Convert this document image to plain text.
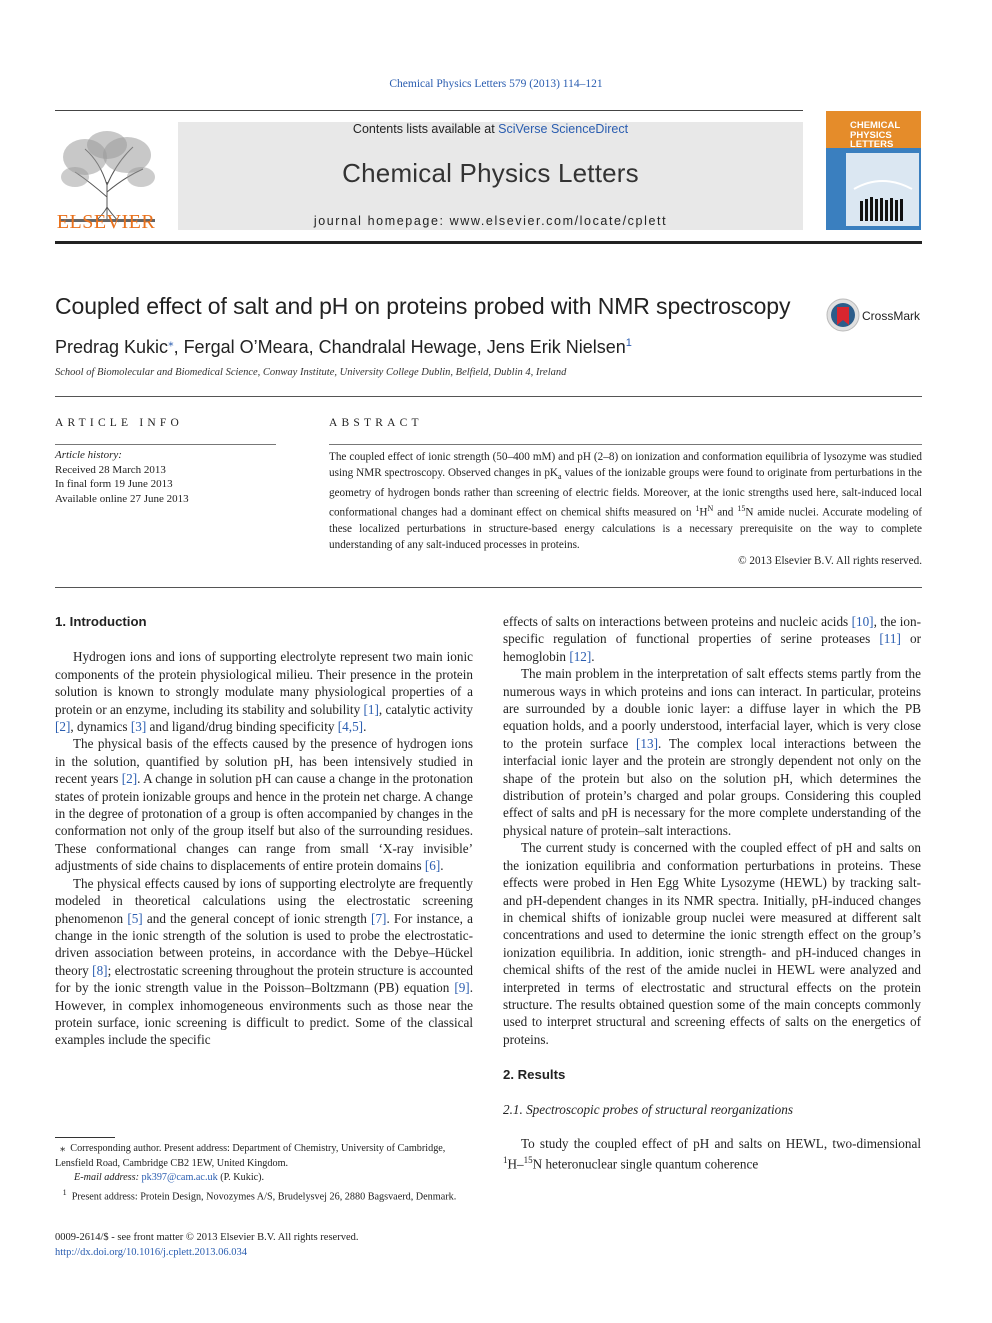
Chemical Physics Letters 579 (2013) 114–121
ELSEVIER
Contents lists available at SciVerse ScienceDirect
Chemical Physics Letters
journal homepage: www.elsevier.com/locate/cplett
CHEMICAL
PHYSICS
LETTERS
Coupled effect of salt and pH on proteins probed with NMR spectroscopy	CrossMark
Predrag Kukic⁎, Fergal O’Meara, Chandralal Hewage, Jens Erik Nielsen$^1$
School of Biomolecular and Biomedical Science, Conway Institute, University College Dublin, Belfield, Dublin 4, Ireland
ARTICLE INFO	ABSTRACT
Article history:
Received 28 March 2013
In final form 19 June 2013
Available online 27 June 2013
The coupled effect of ionic strength (50–400 mM) and pH (2–8) on ionization and conformation equilibria of lysozyme was studied using NMR spectroscopy. Observed changes in $pK_a$ values of the ionizable groups were found to originate from perturbations in the geometry of hydrogen bonds rather than screening of electric fields. Moreover, at the ionic strengths used here, salt-induced local conformational changes had a dominant effect on chemical shifts measured on $^1H^N$ and $^{15}$N amide nuclei. Accurate modeling of these localized perturbations in structure-based energy calculations is a necessary prerequisite on the way to complete understanding of any salt-induced processes in proteins.
© 2013 Elsevier B.V. All rights reserved.
1. Introduction

Hydrogen ions and ions of supporting electrolyte represent two main ionic components of the protein physiological milieu. Their presence in the protein solution is known to strongly modulate many physiological properties of a protein or an enzyme, including its stability and solubility [1], catalytic activity [2], dynamics [3] and ligand/drug binding specificity [4,5].

The physical basis of the effects caused by the presence of hydrogen ions in the solution, quantified by solution pH, has been intensively studied in recent years [2]. A change in solution pH can cause a change in the protonation states of protein ionizable groups and hence in the protein net charge. A change in the degree of protonation of a group is often accompanied by changes in the conformation not only of the group itself but also of the surrounding residues. These conformational changes can range from small ‘X-ray invisible’ adjustments of side chains to displacements of entire protein domains [6].

The physical effects caused by ions of supporting electrolyte are frequently modeled in theoretical calculations using the electrostatic screening phenomenon [5] and the general concept of ionic strength [7]. For instance, a change in the ionic strength of the solution is used to probe the electrostatic-driven association between proteins, in accordance with the Debye–Hückel theory [8]; electrostatic screening throughout the protein structure is accounted for by the ionic strength value in the Poisson–Boltzmann (PB) equation [9]. However, in complex inhomogeneous environments such as those near the protein surface, ionic screening is difficult to predict. Some of the classical examples include the specific

effects of salts on interactions between proteins and nucleic acids [10], the ion-specific regulation of functional properties of serine proteases [11] or hemoglobin [12].

The main problem in the interpretation of salt effects stems partly from the numerous ways in which proteins and ions can interact. In particular, proteins are surrounded by a double ionic layer: a diffuse layer in which the PB equation holds, and a poorly understood, interfacial layer, which is very close to the protein surface [13]. The complex local interactions between the interfacial ionic layer and the protein are strongly dependent not only on the shape of the protein but also on the solution pH, which determines the distribution of protein’s charged and polar groups. Considering this coupled effect of salts and pH is necessary for the more complete understanding of the physical nature of protein–salt interactions.

The current study is concerned with the coupled effect of pH and salts on the ionization equilibria and conformation perturbations in proteins. These effects were probed in Hen Egg White Lysozyme (HEWL) by tracking salt- and pH-dependent changes in its NMR spectra. Initially, pH-induced changes in chemical shifts of ionizable group nuclei were measured at different salt concentrations and used to determine the ionic strength effect on the group’s ionization equilibria. In addition, ionic strength- and pH-induced changes in chemical shifts of the rest of the amide nuclei in HEWL were analyzed and interpreted in terms of electrostatic and structural effects on the protein structure. The results obtained question some of the main concepts commonly used to interpret structural and screening effects of salts on the energetics of proteins.

2. Results
2.1. Spectroscopic probes of structural reorganizations

To study the coupled effect of pH and salts on HEWL, two-dimensional $^1$H–$^{15}$N heteronuclear single quantum coherence

⁎ Corresponding author. Present address: Department of Chemistry, University of Cambridge, Lensfield Road, Cambridge CB2 1EW, United Kingdom.

E-mail address: pk397@cam.ac.uk (P. Kukic).

$^1$ Present address: Protein Design, Novozymes A/S, Brudelysvej 26, 2880 Bagsvaerd, Denmark.

0009-2614/$ - see front matter © 2013 Elsevier B.V. All rights reserved.
http://dx.doi.org/10.1016/j.cplett.2013.06.034
